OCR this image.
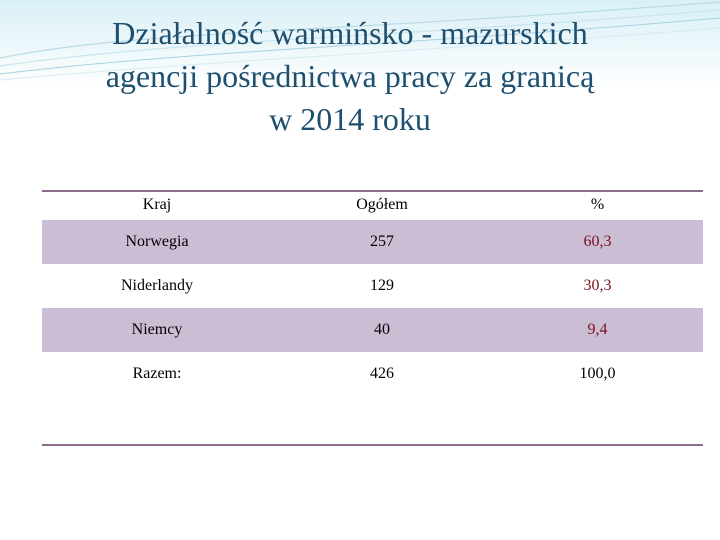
Działalność warmińsko - mazurskich
agencji pośrednictwa pracy za granicą
w 2014 roku
Kraj	Ogółem	%
Norwegia	257	60,3
Niderlandy	129	30,3
Niemcy	40	9,4
Razem:	426	100,0
